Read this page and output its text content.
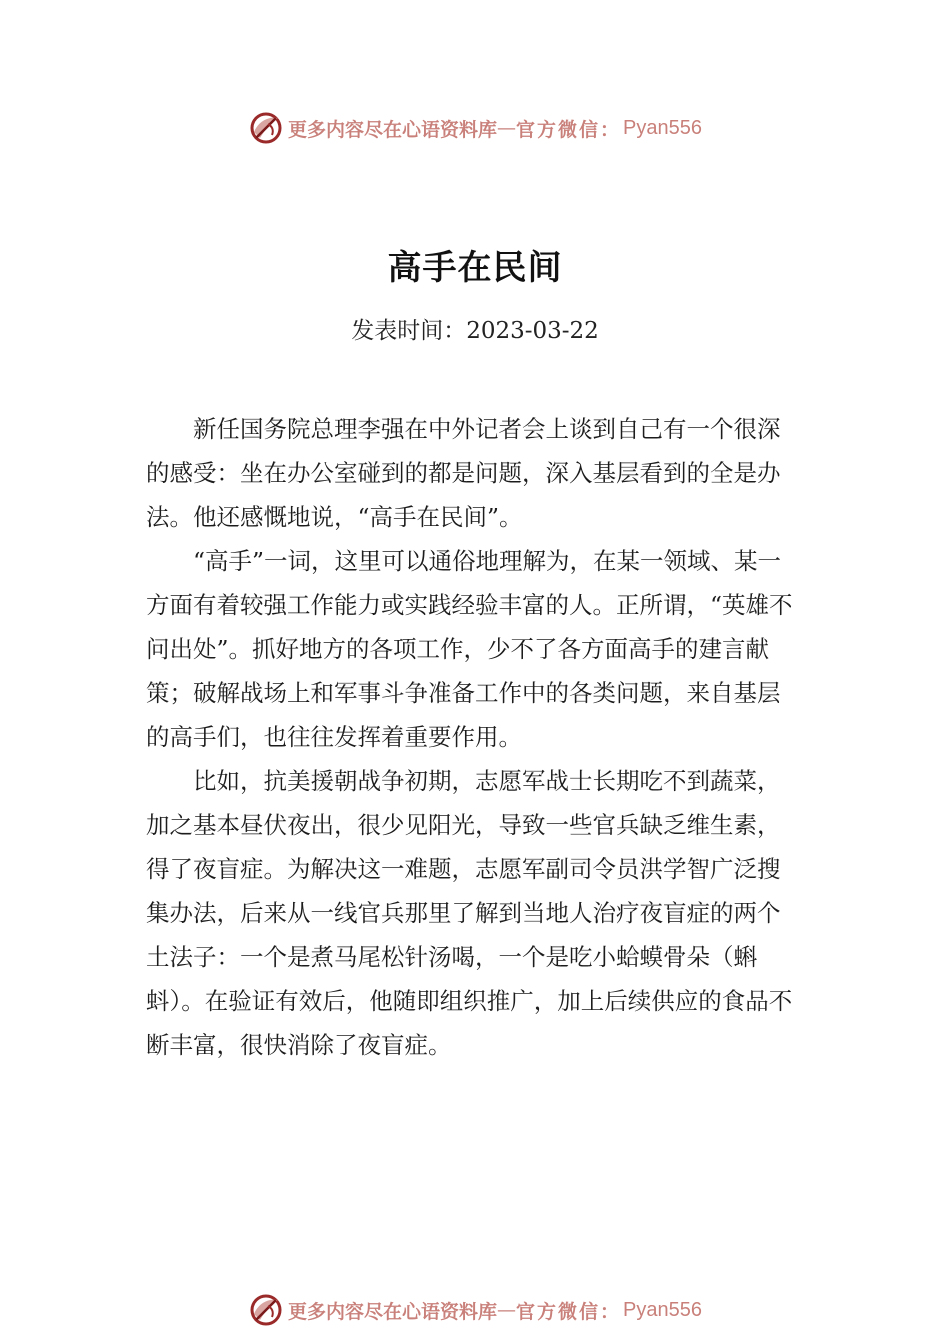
更多内容尽在心语资料库 — 官方微信： Pyan556
高手在民间
发表时间：2023-03-22

新任国务院总理李强在中外记者会上谈到自己有一个很深的感受：坐在办公室碰到的都是问题，深入基层看到的全是办法。他还感慨地说，“高手在民间”。

“高手”一词，这里可以通俗地理解为，在某一领域、某一方面有着较强工作能力或实践经验丰富的人。正所谓，“英雄不问出处”。抓好地方的各项工作，少不了各方面高手的建言献策；破解战场上和军事斗争准备工作中的各类问题，来自基层的高手们，也往往发挥着重要作用。

比如，抗美援朝战争初期，志愿军战士长期吃不到蔬菜，加之基本昼伏夜出，很少见阳光，导致一些官兵缺乏维生素，得了夜盲症。为解决这一难题，志愿军副司令员洪学智广泛搜集办法，后来从一线官兵那里了解到当地人治疗夜盲症的两个土法子：一个是煮马尾松针汤喝，一个是吃小蛤蟆骨朵（蝌蚪）。在验证有效后，他随即组织推广，加上后续供应的食品不断丰富，很快消除了夜盲症。

更多内容尽在心语资料库 — 官方微信： Pyan556
